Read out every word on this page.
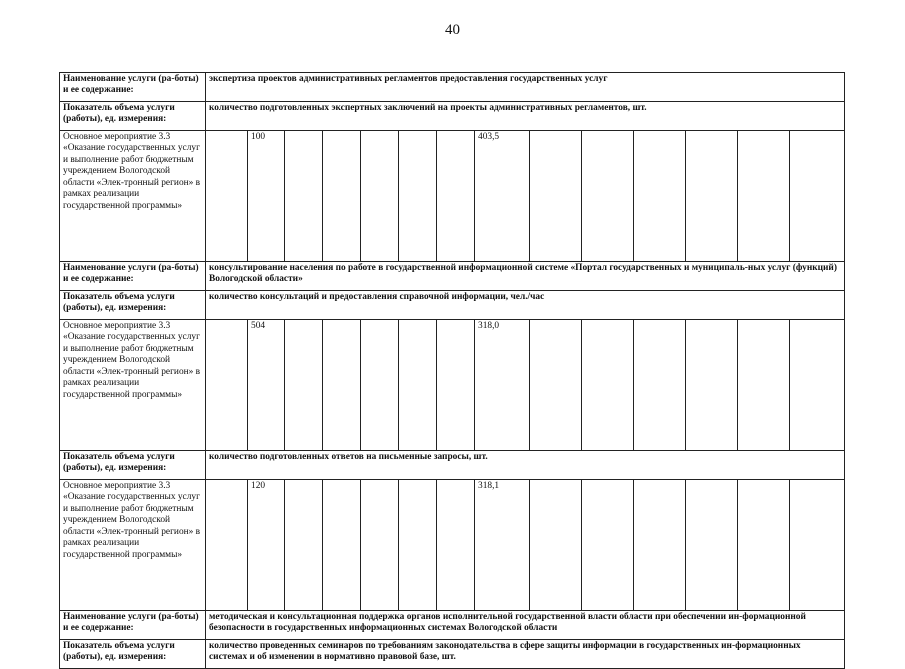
40
Наименование услуги (ра-боты) и ее содержание:	экспертиза проектов административных регламентов предоставления государственных услуг													
Показатель объема услуги (работы), ед. измерения:	количество подготовленных экспертных заключений на проекты административных регламентов, шт.													
Основное мероприятие 3.3 «Оказание государственных услуг и выполнение работ бюджетным учреждением Вологодской области «Элек-тронный регион» в рамках реализации государственной программы»		100						403,5						
Наименование услуги (ра-боты) и ее содержание:	консультирование населения по работе в государственной информационной системе «Портал государственных и муниципаль-ных услуг (функций) Вологодской области»													
Показатель объема услуги (работы), ед. измерения:	количество консультаций и предоставления справочной информации, чел./час													
Основное мероприятие 3.3 «Оказание государственных услуг и выполнение работ бюджетным учреждением Вологодской области «Элек-тронный регион» в рамках реализации государственной программы»		504						318,0						
Показатель объема услуги (работы), ед. измерения:	количество подготовленных ответов на письменные запросы, шт.													
Основное мероприятие 3.3 «Оказание государственных услуг и выполнение работ бюджетным учреждением Вологодской области «Элек-тронный регион» в рамках реализации государственной программы»		120						318,1						
Наименование услуги (ра-боты) и ее содержание:	методическая и консультационная поддержка органов исполнительной государственной власти области при обеспечении ин-формационной безопасности в государственных информационных системах Вологодской области													
Показатель объема услуги (работы), ед. измерения:	количество проведенных семинаров по требованиям законодательства в сфере защиты информации в государственных ин-формационных системах и об изменении в нормативно правовой базе, шт.													
